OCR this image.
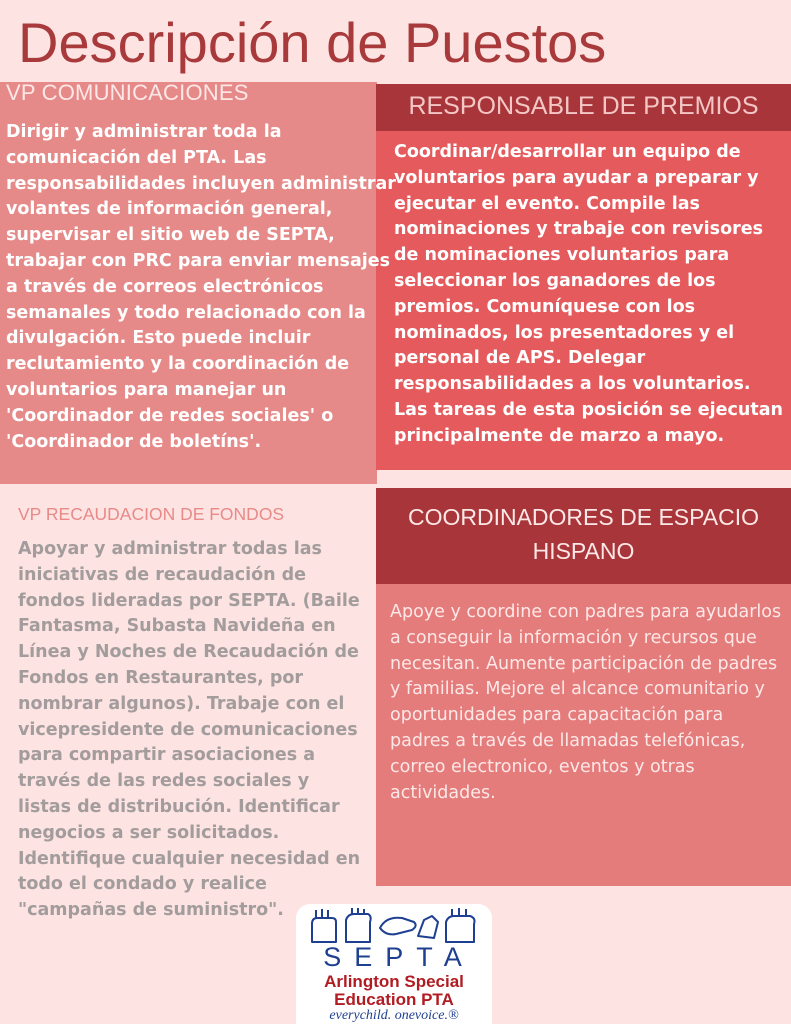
Descripción de Puestos
VP COMUNICACIONES

Dirigir y administrar toda la comunicación del PTA. Las responsabilidades incluyen administrar volantes de información general, supervisar el sitio web de SEPTA, trabajar con PRC para enviar mensajes a través de correos electrónicos semanales y todo relacionado con la divulgación. Esto puede incluir reclutamiento y la coordinación de voluntarios para manejar un 'Coordinador de redes sociales' o 'Coordinador de boletíns'.

RESPONSABLE DE PREMIOS

Coordinar/desarrollar un equipo de voluntarios para ayudar a preparar y ejecutar el evento. Compile las nominaciones y trabaje con revisores de nominaciones voluntarios para seleccionar los ganadores de los premios. Comuníquese con los nominados, los presentadores y el personal de APS. Delegar responsabilidades a los voluntarios. Las tareas de esta posición se ejecutan principalmente de marzo a mayo.

VP RECAUDACION DE FONDOS

Apoyar y administrar todas las iniciativas de recaudación de fondos lideradas por SEPTA. (Baile Fantasma, Subasta Navideña en Línea y Noches de Recaudación de Fondos en Restaurantes, por nombrar algunos). Trabaje con el vicepresidente de comunicaciones para compartir asociaciones a través de las redes sociales y listas de distribución. Identificar negocios a ser solicitados. Identifique cualquier necesidad en todo el condado y realice "campañas de suministro".

COORDINADORES DE ESPACIO
HISPANO

Apoye y coordine con padres para ayudarlos a conseguir la información y recursos que necesitan. Aumente participación de padres y familias. Mejore el alcance comunitario y oportunidades para capacitación para padres a través de llamadas telefónicas, correo electronico, eventos y otras actividades.

SEPTA
Arlington Special
Education PTA
everychild. onevoice.®
